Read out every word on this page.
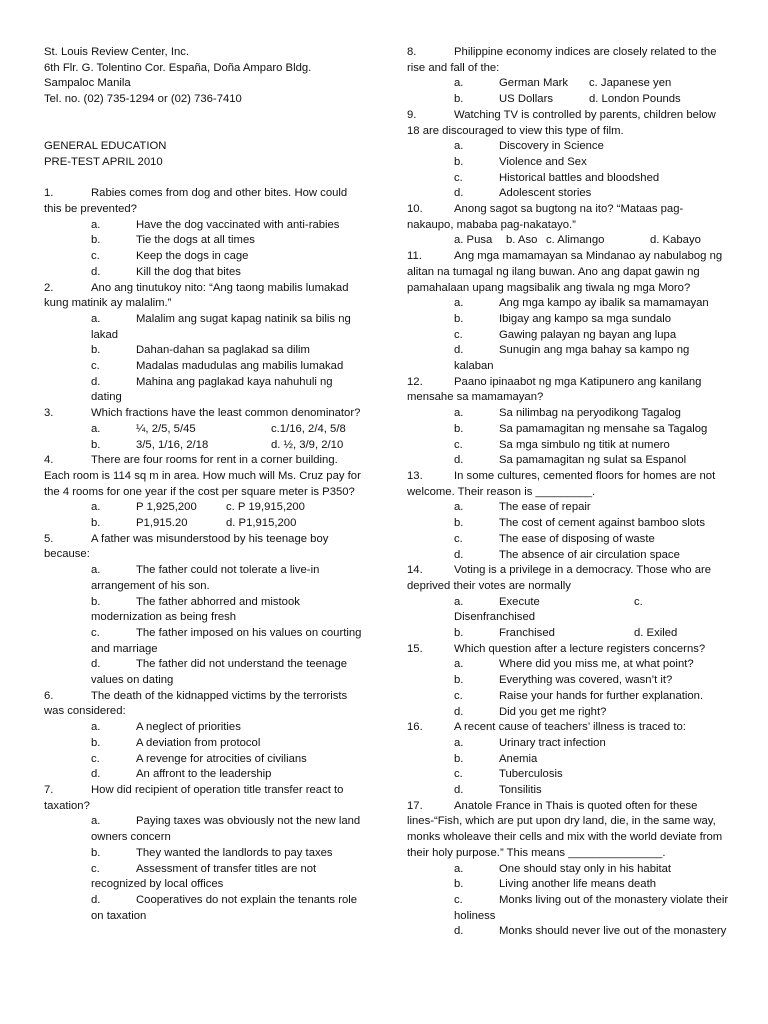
St. Louis Review Center, Inc.
6th Flr. G. Tolentino Cor. España, Doña Amparo Bldg.
Sampaloc Manila
Tel. no. (02) 735-1294 or (02) 736-7410
GENERAL EDUCATION
PRE-TEST APRIL 2010
1.	Rabies comes from dog and other bites. How could this be prevented?
a.	Have the dog vaccinated with anti-rabies
b.	Tie the dogs at all times
c.	Keep the dogs in cage
d.	Kill the dog that bites
2.	Ano ang tinutukoy nito: “Ang taong mabilis lumakad kung matinik ay malalim.”
a.	Malalim ang sugat kapag natinik sa bilis ng lakad
b.	Dahan-dahan sa paglakad sa dilim
c.	Madalas madudulas ang mabilis lumakad
d.	Mahina ang paglakad kaya nahuhuli ng dating
3.	Which fractions have the least common denominator?
a.	¼, 2/5, 5/45	c.1/16, 2/4, 5/8
b.	3/5, 1/16, 2/18	d. ½, 3/9, 2/10
4.	There are four rooms for rent in a corner building. Each room is 114 sq m in area. How much will Ms. Cruz pay for the 4 rooms for one year if the cost per square meter is P350?
a.	P 1,925,200	c. P 19,915,200
b.	P1,915.20	d. P1,915,200
5.	A father was misunderstood by his teenage boy because:
a.	The father could not tolerate a live-in arrangement of his son.
b.	The father abhorred and mistook modernization as being fresh
c.	The father imposed on his values on courting and marriage
d.	The father did not understand the teenage values on dating
6.	The death of the kidnapped victims by the terrorists was considered:
a.	A neglect of priorities
b.	A deviation from protocol
c.	A revenge for atrocities of civilians
d.	An affront to the leadership
7.	How did recipient of operation title transfer react to taxation?
a.	Paying taxes was obviously not the new land owners concern
b.	They wanted the landlords to pay taxes
c.	Assessment of transfer titles are not recognized by local offices
d.	Cooperatives do not explain the tenants role on taxation
8.	Philippine economy indices are closely related to the rise and fall of the:
a.	German Mark	c. Japanese yen
b.	US Dollars	d. London Pounds
9.	Watching TV is controlled by parents, children below 18 are discouraged to view this type of film.
a.	Discovery in Science
b.	Violence and Sex
c.	Historical battles and bloodshed
d.	Adolescent stories
10.	Anong sagot sa bugtong na ito? “Mataas pag-nakaupo, mababa pag-nakatayo.”
a. Pusa	b. Aso c. Alimango	d. Kabayo
11.	Ang mga mamamayan sa Mindanao ay nabulabog ng alitan na tumagal ng ilang buwan. Ano ang dapat gawin ng pamahalaan upang magsibalik ang tiwala ng mga Moro?
a.	Ang mga kampo ay ibalik sa mamamayan
b.	Ibigay ang kampo sa mga sundalo
c.	Gawing palayan ng bayan ang lupa
d.	Sunugin ang mga bahay sa kampo ng kalaban
12.	Paano ipinaabot ng mga Katipunero ang kanilang mensahe sa mamamayan?
a.	Sa nilimbag na peryodikong Tagalog
b.	Sa pamamagitan ng mensahe sa Tagalog
c.	Sa mga simbulo ng titik at numero
d.	Sa pamamagitan ng sulat sa Espanol
13.	In some cultures, cemented floors for homes are not welcome. Their reason is _________.
a.	The ease of repair
b.	The cost of cement against bamboo slots
c.	The ease of disposing of waste
d.	The absence of air circulation space
14.	Voting is a privilege in a democracy. Those who are deprived their votes are normally
a.	Execute	c.
Disenfranchised
b.	Franchised	d. Exiled
15.	Which question after a lecture registers concerns?
a.	Where did you miss me, at what point?
b.	Everything was covered, wasn’t it?
c.	Raise your hands for further explanation.
d.	Did you get me right?
16.	A recent cause of teachers’ illness is traced to:
a.	Urinary tract infection
b.	Anemia
c.	Tuberculosis
d.	Tonsilitis
17.	Anatole France in Thais is quoted often for these lines-“Fish, which are put upon dry land, die, in the same way, monks wholeave their cells and mix with the world deviate from their holy purpose.” This means _______________.
a.	One should stay only in his habitat
b.	Living another life means death
c.	Monks living out of the monastery violate their holiness
d.	Monks should never live out of the monastery
